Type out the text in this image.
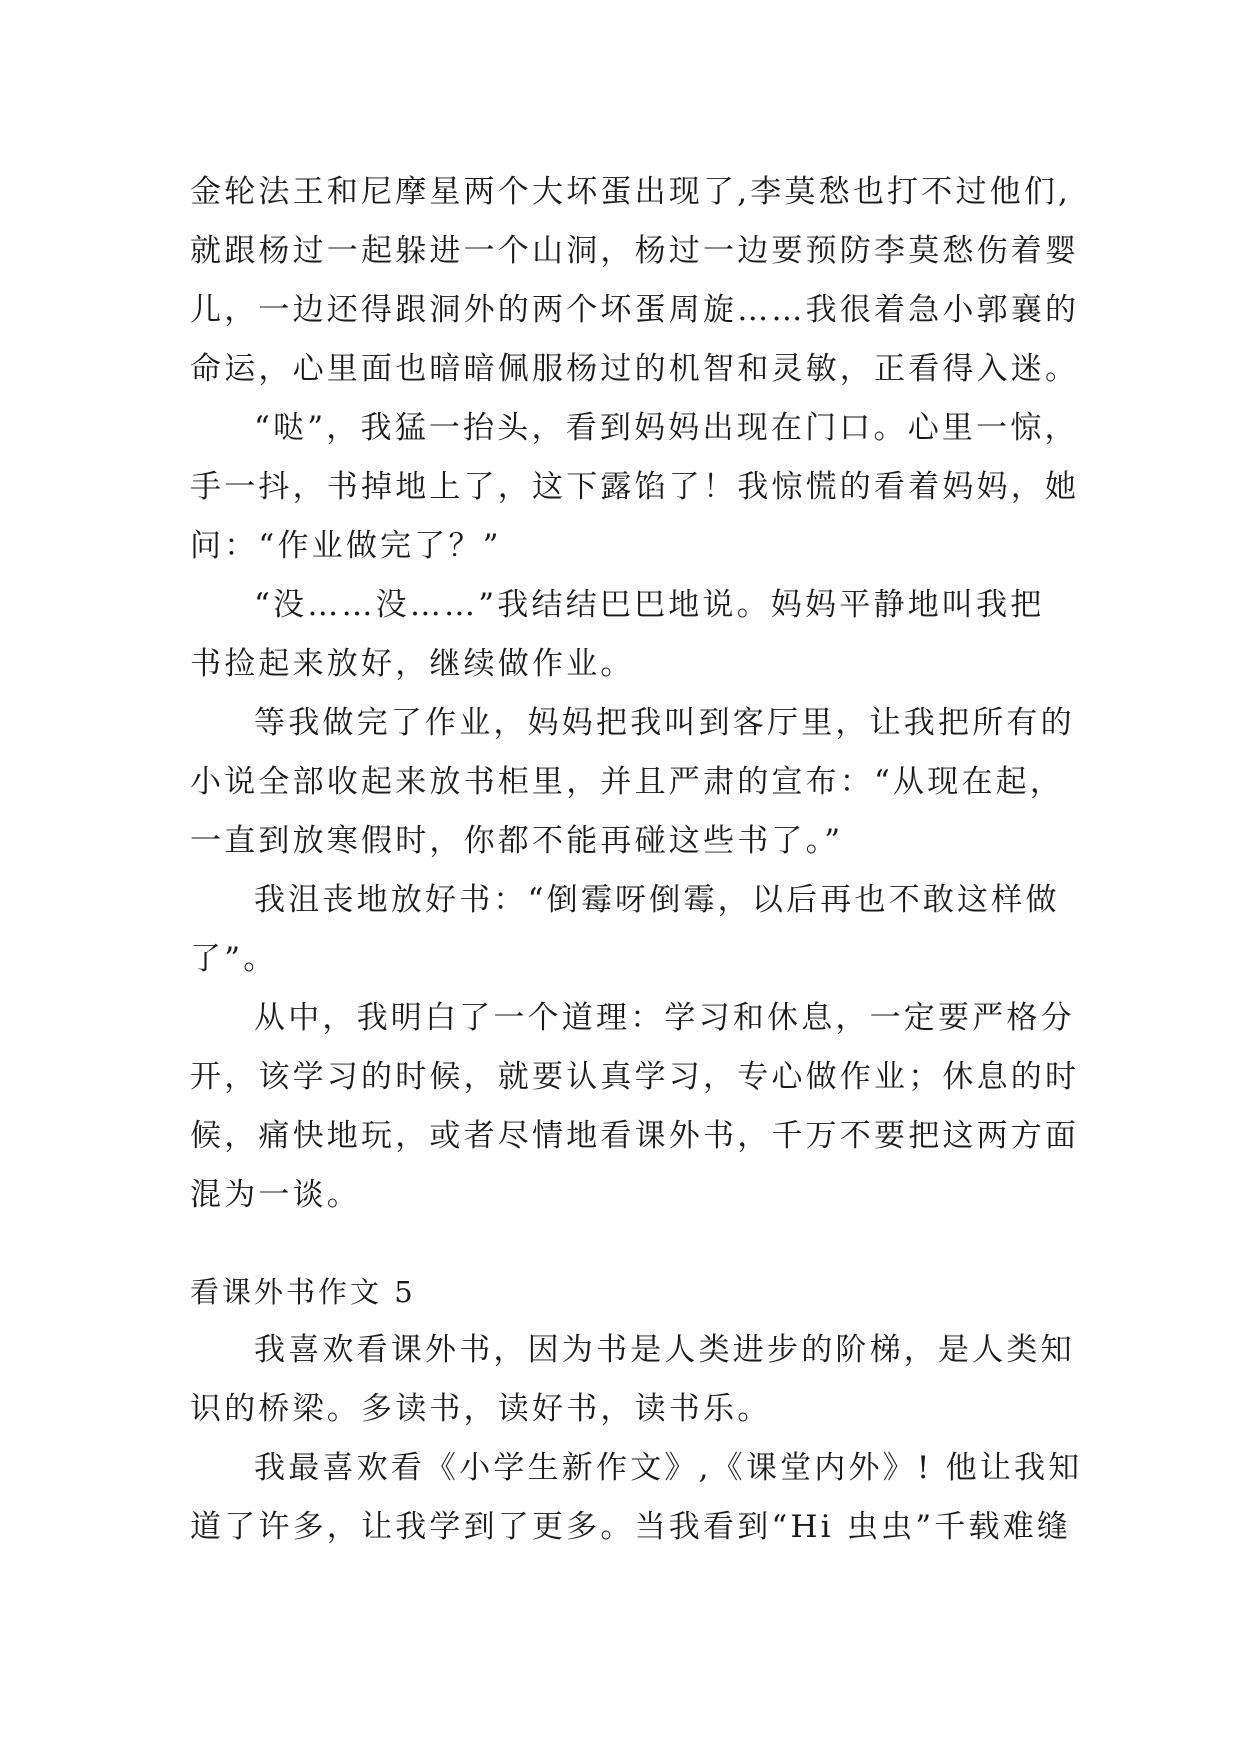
金轮法王和尼摩星两个大坏蛋出现了,李莫愁也打不过他们,
就跟杨过一起躲进一个山洞，杨过一边要预防李莫愁伤着婴
儿，一边还得跟洞外的两个坏蛋周旋……我很着急小郭襄的
命运，心里面也暗暗佩服杨过的机智和灵敏，正看得入迷。
“哒”，我猛一抬头，看到妈妈出现在门口。心里一惊，
手一抖，书掉地上了，这下露馅了！我惊慌的看着妈妈，她
问：“作业做完了？”
“没……没……”我结结巴巴地说。妈妈平静地叫我把
书捡起来放好，继续做作业。
等我做完了作业，妈妈把我叫到客厅里，让我把所有的
小说全部收起来放书柜里，并且严肃的宣布：“从现在起，
一直到放寒假时，你都不能再碰这些书了。”
我沮丧地放好书：“倒霉呀倒霉，以后再也不敢这样做
了”。
从中，我明白了一个道理：学习和休息，一定要严格分
开，该学习的时候，就要认真学习，专心做作业；休息的时
候，痛快地玩，或者尽情地看课外书，千万不要把这两方面
混为一谈。
看课外书作文 5
我喜欢看课外书，因为书是人类进步的阶梯，是人类知
识的桥梁。多读书，读好书，读书乐。
我最喜欢看《小学生新作文》,《课堂内外》! 他让我知
道了许多，让我学到了更多。当我看到“Hi 虫虫”千载难缝
